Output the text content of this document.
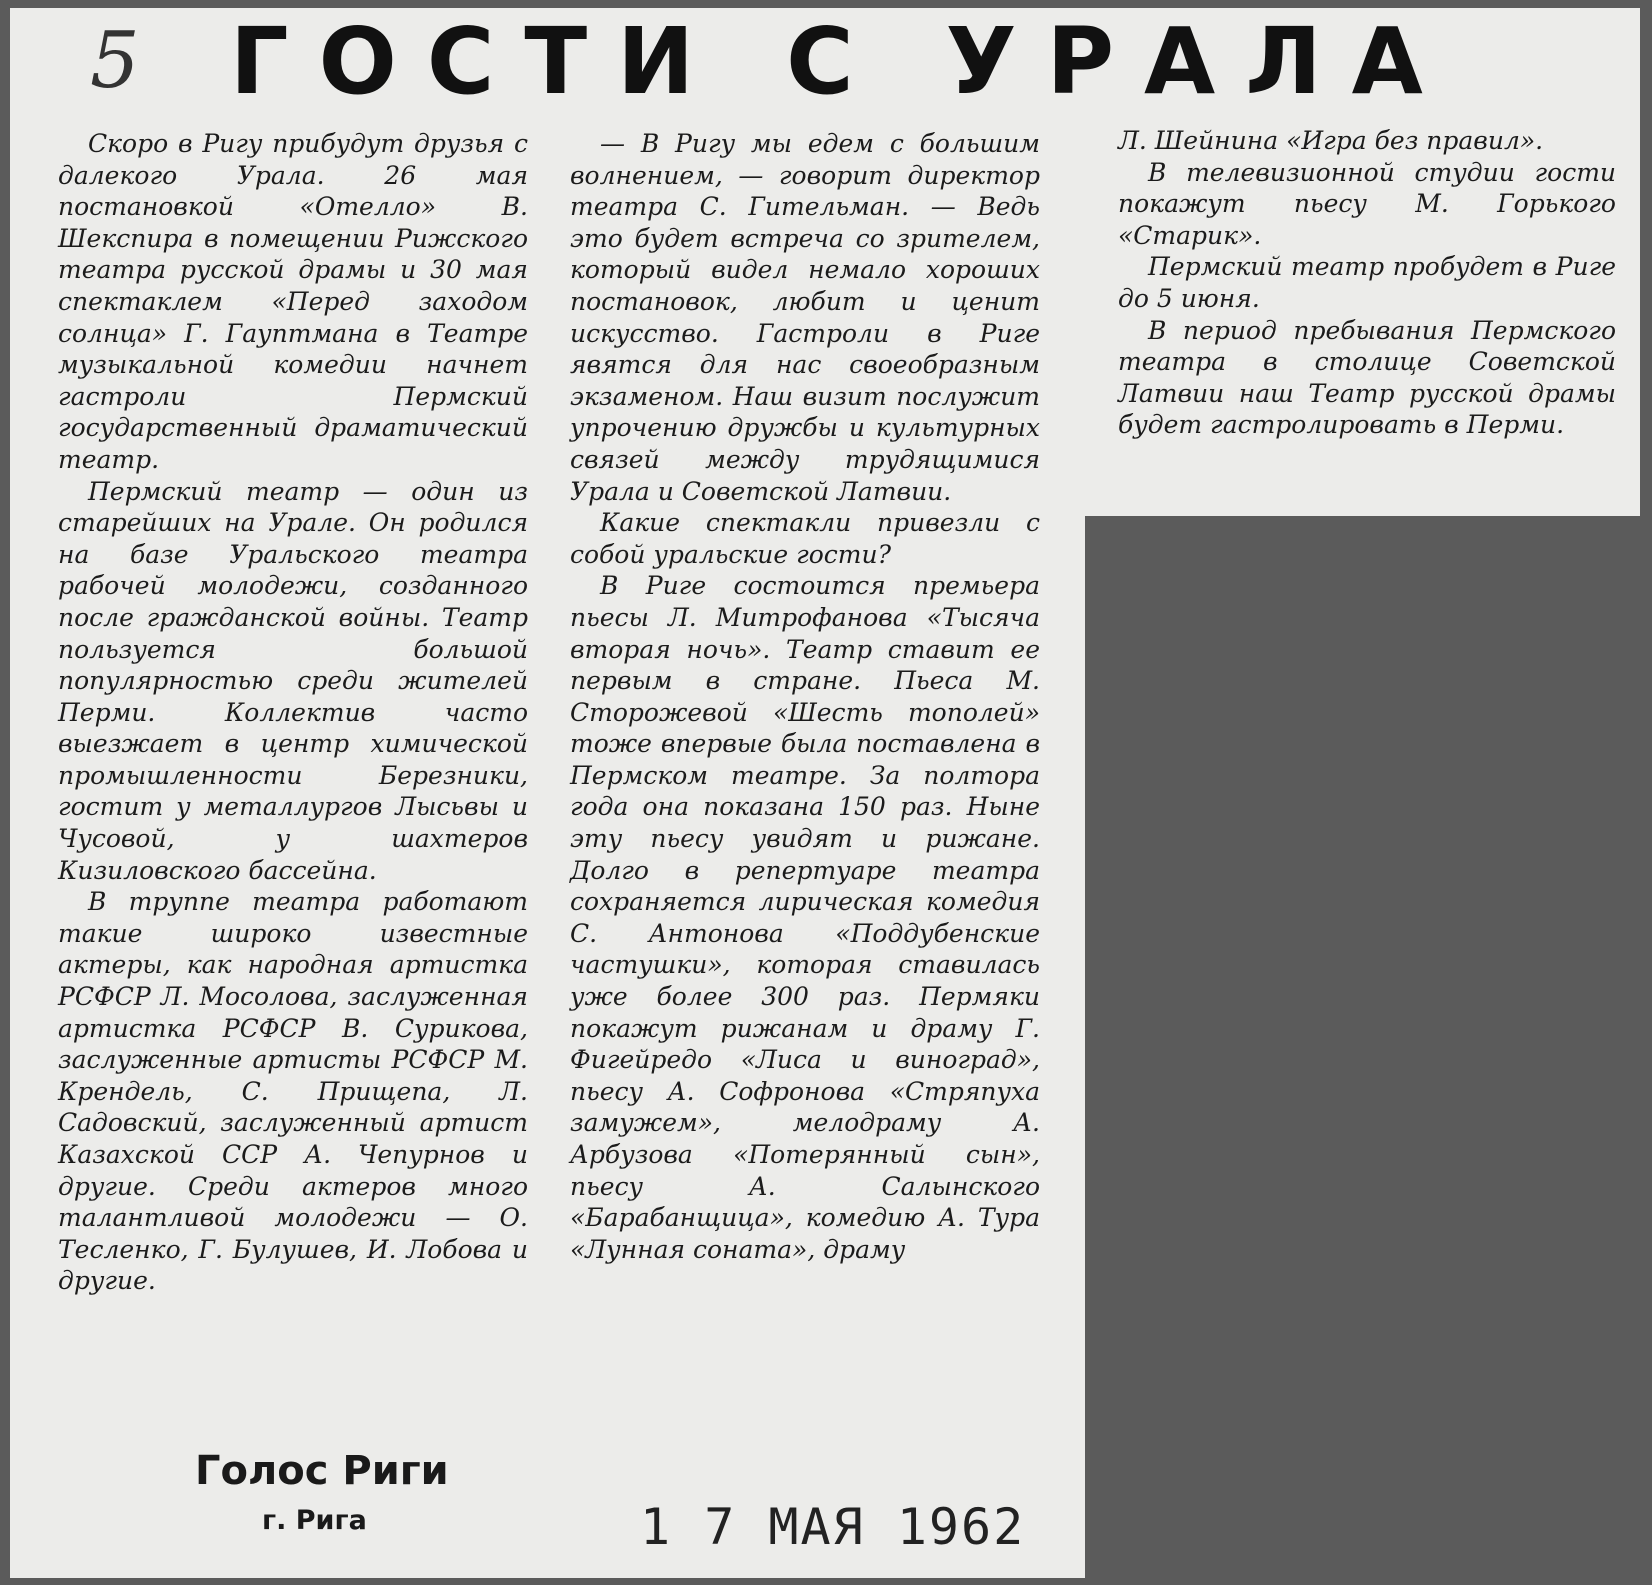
5 ГОСТИ С УРАЛА

Скоро в Ригу прибудут друзья с далекого Урала. 26 мая постановкой «Отелло» В. Шекспира в помещении Рижского театра русской драмы и 30 мая спектаклем «Перед заходом солнца» Г. Гауптмана в Театре музыкальной комедии начнет гастроли Пермский государственный драматический театр.

Пермский театр — один из старейших на Урале. Он родился на базе Уральского театра рабочей молодежи, созданного после гражданской войны. Театр пользуется большой популярностью среди жителей Перми. Коллектив часто выезжает в центр химической промышленности Березники, гостит у металлургов Лысьвы и Чусовой, у шахтеров Кизиловского бассейна.

В труппе театра работают такие широко известные актеры, как народная артистка РСФСР Л. Мосолова, заслуженная артистка РСФСР В. Сурикова, заслуженные артисты РСФСР М. Крендель, С. Прищепа, Л. Садовский, заслуженный артист Казахской ССР А. Чепурнов и другие. Среди актеров много талантливой молодежи — О. Тесленко, Г. Булушев, И. Лобова и другие.

— В Ригу мы едем с большим волнением, — говорит директор театра С. Гительман. — Ведь это будет встреча со зрителем, который видел немало хороших постановок, любит и ценит искусство. Гастроли в Риге явятся для нас своеобразным экзаменом. Наш визит послужит упрочению дружбы и культурных связей между трудящимися Урала и Советской Латвии.

Какие спектакли привезли с собой уральские гости?

В Риге состоится премьера пьесы Л. Митрофанова «Тысяча вторая ночь». Театр ставит ее первым в стране. Пьеса М. Сторожевой «Шесть тополей» тоже впервые была поставлена в Пермском театре. За полтора года она показана 150 раз. Ныне эту пьесу увидят и рижане. Долго в репертуаре театра сохраняется лирическая комедия С. Антонова «Поддубенские частушки», которая ставилась уже более 300 раз. Пермяки покажут рижанам и драму Г. Фигейредо «Лиса и виноград», пьесу А. Софронова «Стряпуха замужем», мелодраму А. Арбузова «Потерянный сын», пьесу А. Салынского «Барабанщица», комедию А. Тура «Лунная соната», драму

Л. Шейнина «Игра без правил».

В телевизионной студии гости покажут пьесу М. Горького «Старик».

Пермский театр пробудет в Риге до 5 июня.

В период пребывания Пермского театра в столице Советской Латвии наш Театр русской драмы будет гастролировать в Перми.

Голос Риги
г. Рига	1 7 МАЯ 1962
